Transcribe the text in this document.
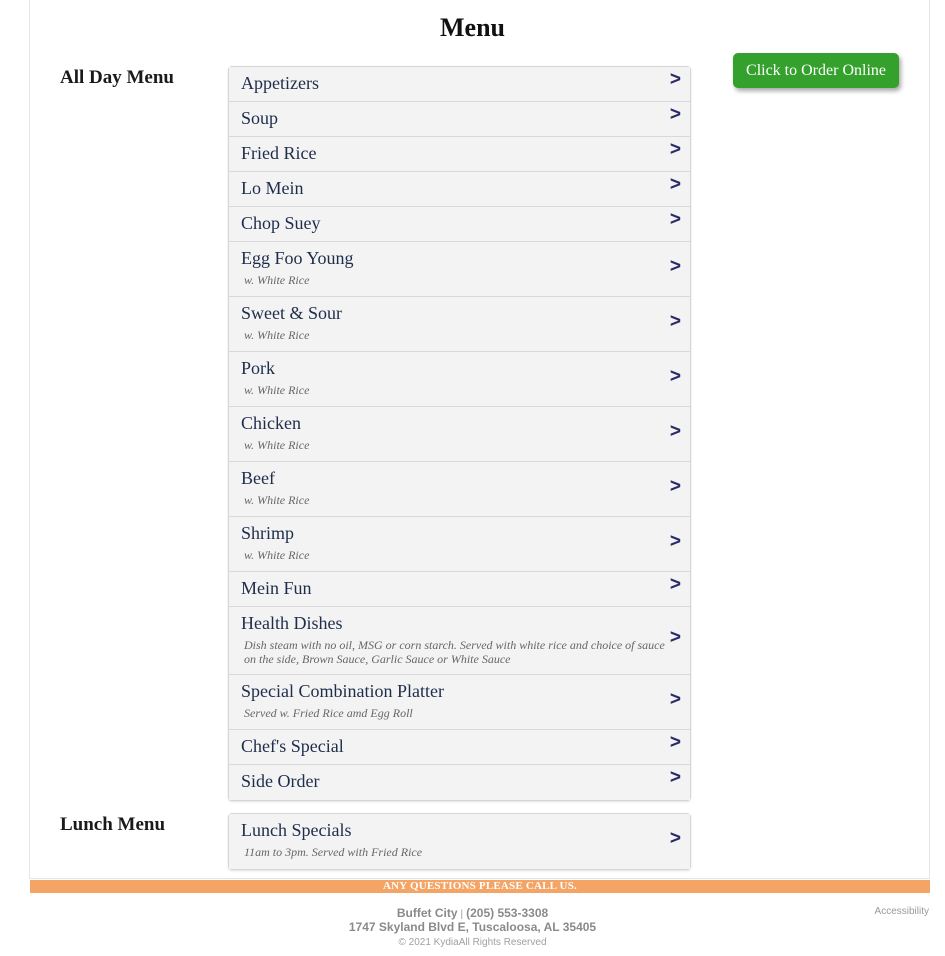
Menu
Click to Order Online
All Day Menu	Appetizers	>
Soup	>
Fried Rice	>
Lo Mein	>
Chop Suey	>
Egg Foo Young
w. White Rice
>
Sweet & Sour
w. White Rice
>
Pork
w. White Rice
>
Chicken
w. White Rice
>
Beef
w. White Rice
>
Shrimp
w. White Rice
>
Mein Fun	>
Health Dishes
Dish steam with no oil, MSG or corn starch. Served with white rice and choice of sauce on the side, Brown Sauce, Garlic Sauce or White Sauce
>
Special Combination Platter
Served w. Fried Rice amd Egg Roll
>
Chef's Special	>
Side Order	>
Lunch Menu	Lunch Specials
11am to 3pm. Served with Fried Rice
>
ANY QUESTIONS PLEASE CALL US.
Buffet City | (205) 553-3308
1747 Skyland Blvd E, Tuscaloosa, AL 35405
© 2021 KydiaAll Rights Reserved
Accessibility
